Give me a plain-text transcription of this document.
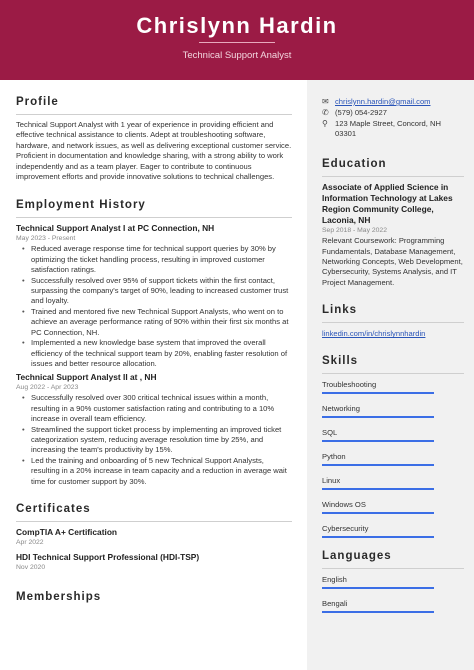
Chrislynn Hardin
Technical Support Analyst
Profile
Technical Support Analyst with 1 year of experience in providing efficient and effective technical assistance to clients. Adept at troubleshooting software, hardware, and network issues, as well as delivering exceptional customer service. Proficient in documentation and knowledge sharing, with a strong ability to work independently and as a team player. Eager to contribute to continuous improvement efforts and provide innovative solutions to technical challenges.
Employment History
Technical Support Analyst I at PC Connection, NH
May 2023 - Present
• Reduced average response time for technical support queries by 30% by optimizing the ticket handling process, resulting in improved customer satisfaction ratings.
• Successfully resolved over 95% of support tickets within the first contact, surpassing the company's target of 90%, leading to increased customer trust and loyalty.
• Trained and mentored five new Technical Support Analysts, who went on to achieve an average performance rating of 90% within their first six months at PC Connection, NH.
• Implemented a new knowledge base system that improved the overall efficiency of the technical support team by 20%, enabling faster resolution of issues and better resource allocation.
Technical Support Analyst II at , NH
Aug 2022 - Apr 2023
• Successfully resolved over 300 critical technical issues within a month, resulting in a 90% customer satisfaction rating and contributing to a 10% increase in overall team efficiency.
• Streamlined the support ticket process by implementing an improved ticket categorization system, reducing average resolution time by 25%, and increasing the team's productivity by 15%.
• Led the training and onboarding of 5 new Technical Support Analysts, resulting in a 20% increase in team capacity and a reduction in average wait time for customer support by 30%.
Certificates
CompTIA A+ Certification
Apr 2022
HDI Technical Support Professional (HDI-TSP)
Nov 2020
Memberships
✉ chrislynn.hardin@gmail.com
✆ (579) 054-2927
⚲ 123 Maple Street, Concord, NH 03301
Education
Associate of Applied Science in Information Technology at Lakes Region Community College, Laconia, NH
Sep 2018 - May 2022
Relevant Coursework: Programming Fundamentals, Database Management, Networking Concepts, Web Development, Cybersecurity, Systems Analysis, and IT Project Management.
Links
linkedin.com/in/chrislynnhardin
Skills
Troubleshooting
Networking
SQL
Python
Linux
Windows OS
Cybersecurity
Languages
English
Bengali
